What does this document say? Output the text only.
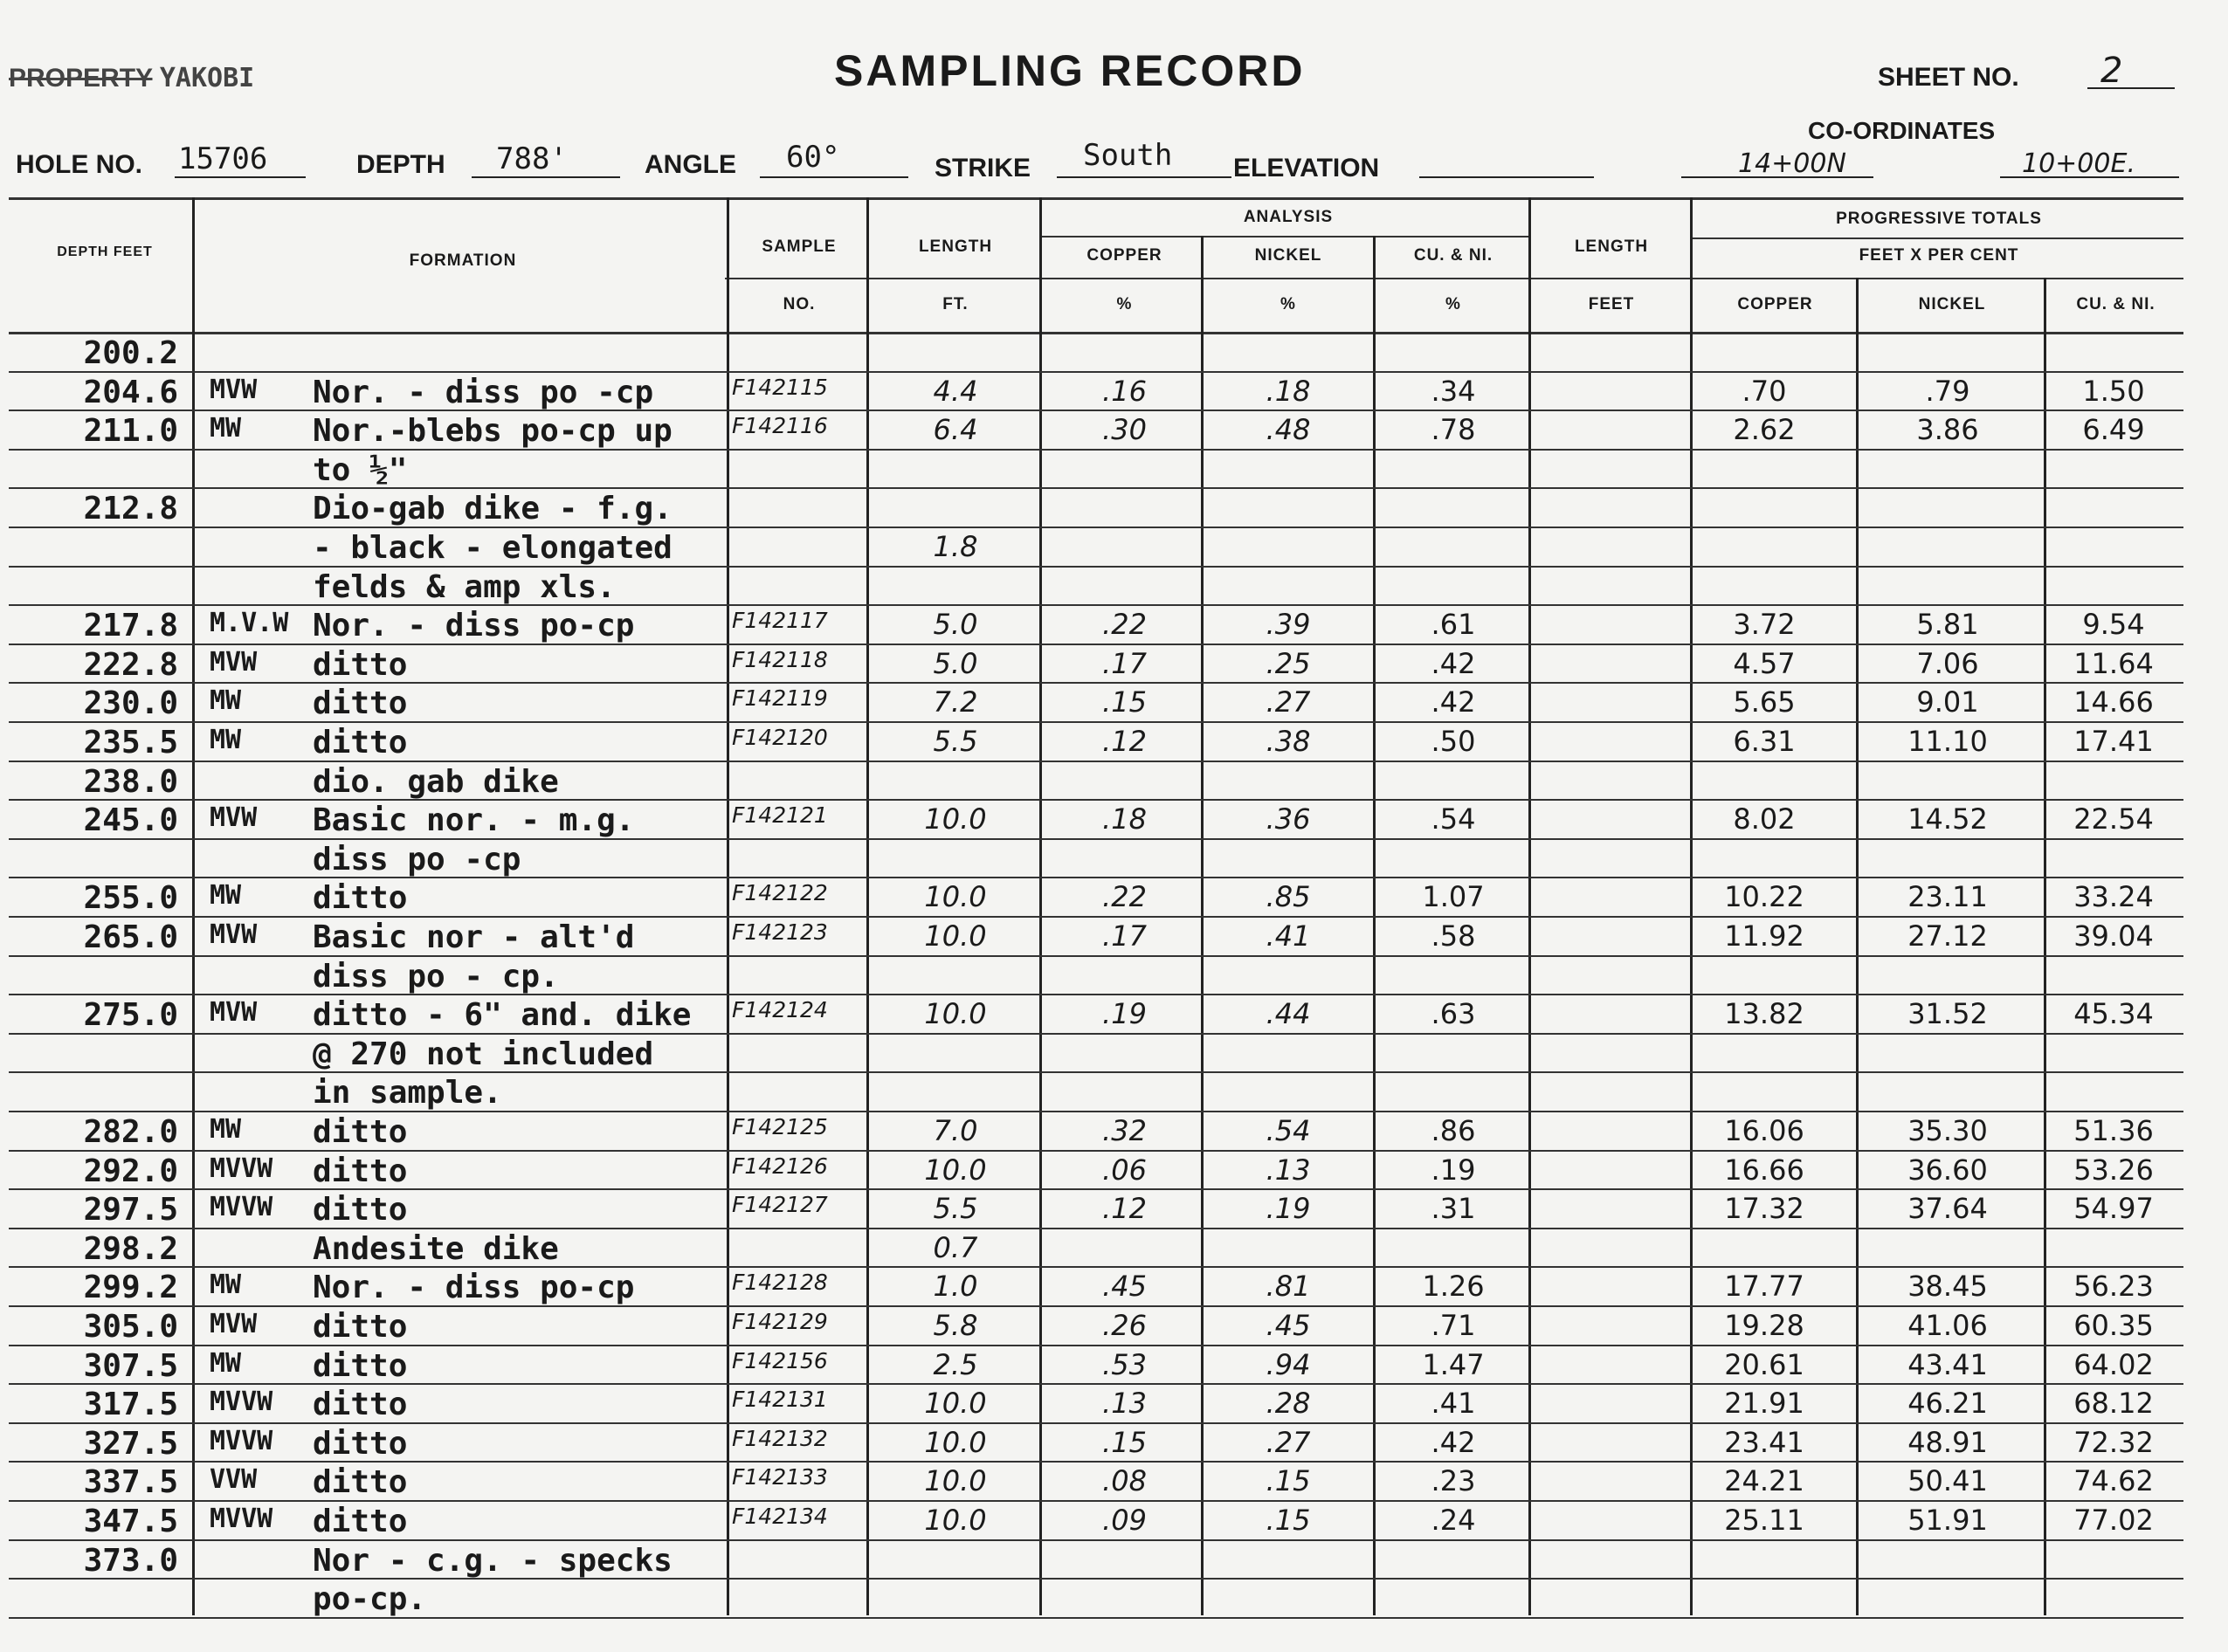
PROPERTY YAKOBI	SAMPLING RECORD	SHEET NO. 2
HOLE NO. 15706	DEPTH 788'	ANGLE 60°	STRIKE South ELEVATION
CO-ORDINATES
14+00N	10+00E.
DEPTH FEET	FORMATION
SAMPLE
NO.
LENGTH
FT.
ANALYSIS
COPPER	NICKEL	CU. & NI.
%	%	%
LENGTH
FEET
PROGRESSIVE TOTALS
FEET X PER CENT
COPPER	NICKEL	CU. & NI.
200.2
204.6 MVW	Nor. - diss po -cp	F142115	4.4	.16	.18	.34	.70	.79	1.50
211.0 MW	Nor.-blebs po-cp up	F142116	6.4	.30	.48	.78	2.62	3.86	6.49
to ½"
212.8	Dio-gab dike - f.g.
- black - elongated	1.8
felds & amp xls.
217.8 M.V.W Nor. - diss po-cp	F142117	5.0	.22	.39	.61	3.72	5.81	9.54
222.8 MVW	ditto	F142118	5.0	.17	.25	.42	4.57	7.06	11.64
230.0 MW	ditto	F142119	7.2	.15	.27	.42	5.65	9.01	14.66
235.5 MW	ditto	F142120	5.5	.12	.38	.50	6.31	11.10	17.41
238.0	dio. gab dike
245.0 MVW	Basic nor. - m.g.	F142121	10.0	.18	.36	.54	8.02	14.52	22.54
diss po -cp
255.0 MW	ditto	F142122	10.0	.22	.85	1.07	10.22	23.11	33.24
265.0 MVW	Basic nor - alt'd	F142123	10.0	.17	.41	.58	11.92	27.12	39.04
diss po - cp.
275.0 MVW	ditto - 6" and. dike	F142124	10.0	.19	.44	.63	13.82	31.52	45.34
@ 270 not included
in sample.
282.0 MW	ditto	F142125	7.0	.32	.54	.86	16.06	35.30	51.36
292.0 MVVW	ditto	F142126	10.0	.06	.13	.19	16.66	36.60	53.26
297.5 MVVW	ditto	F142127	5.5	.12	.19	.31	17.32	37.64	54.97
298.2	Andesite dike	0.7
299.2 MW	Nor. - diss po-cp	F142128	1.0	.45	.81	1.26	17.77	38.45	56.23
305.0 MVW	ditto	F142129	5.8	.26	.45	.71	19.28	41.06	60.35
307.5 MW	ditto	F142156	2.5	.53	.94	1.47	20.61	43.41	64.02
317.5 MVVW	ditto	F142131	10.0	.13	.28	.41	21.91	46.21	68.12
327.5 MVVW	ditto	F142132	10.0	.15	.27	.42	23.41	48.91	72.32
337.5 VVW	ditto	F142133	10.0	.08	.15	.23	24.21	50.41	74.62
347.5 MVVW	ditto	F142134	10.0	.09	.15	.24	25.11	51.91	77.02
373.0	Nor - c.g. - specks
po-cp.
